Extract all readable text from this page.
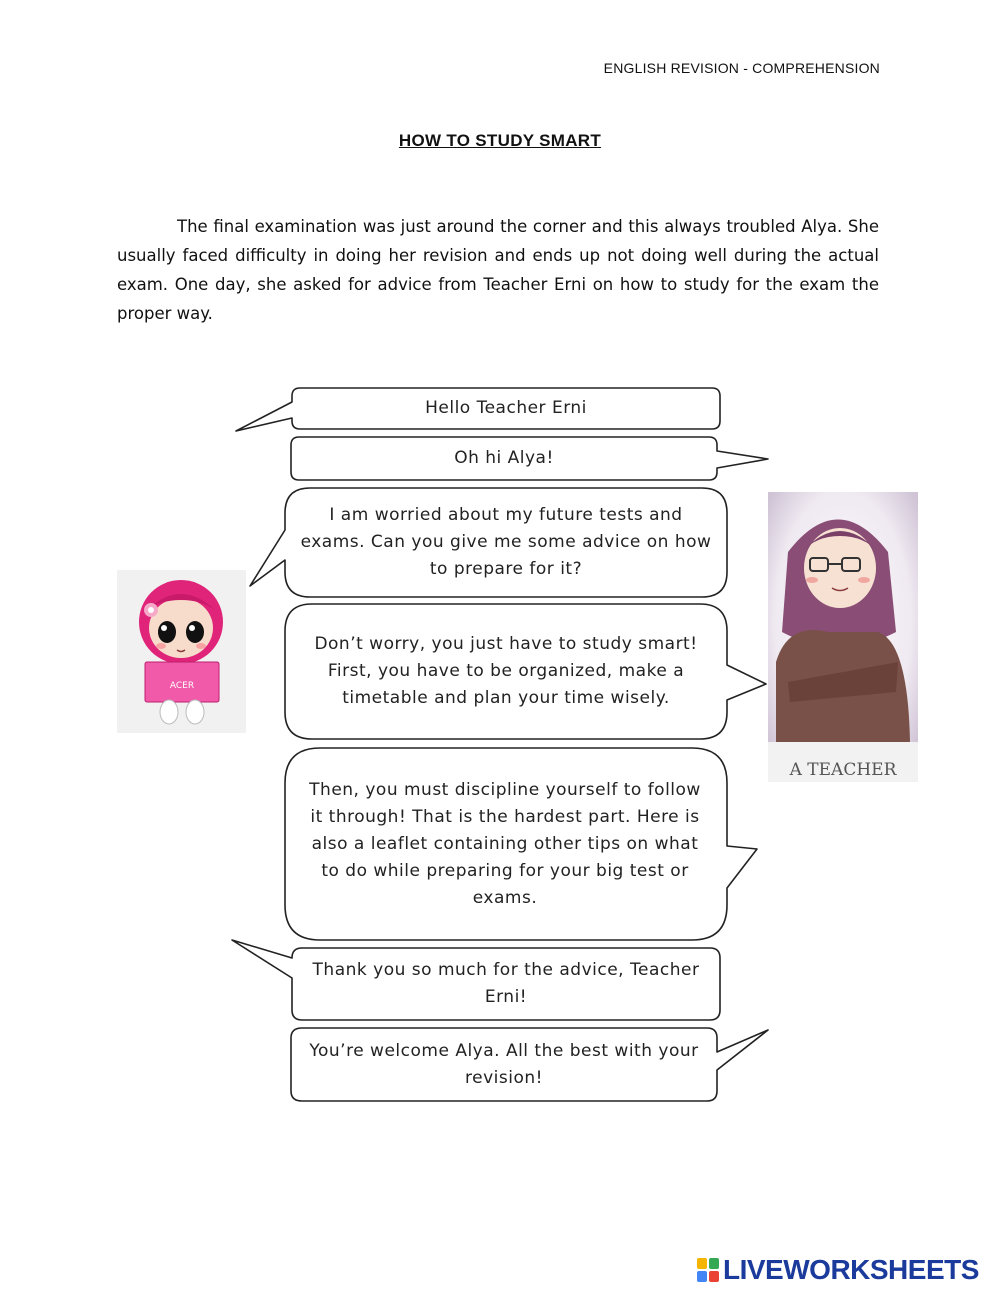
ENGLISH REVISION - COMPREHENSION
HOW TO STUDY SMART
The final examination was just around the corner and this always troubled Alya. She usually faced difficulty in doing her revision and ends up not doing well during the actual exam. One day, she asked for advice from Teacher Erni on how to study for the exam the proper way.
Hello Teacher Erni
Oh hi Alya!
I am worried about my future tests and exams. Can you give me some advice on how to prepare for it?
Don’t worry, you just have to study smart! First, you have to be organized, make a timetable and plan your time wisely.
Then, you must discipline yourself to follow it through! That is the hardest part. Here is also a leaflet containing other tips on what to do while preparing for your big test or exams.
Thank you so much for the advice, Teacher Erni!
You’re welcome Alya. All the best with your revision!
ACER
A TEACHER
LIVEWORKSHEETS
